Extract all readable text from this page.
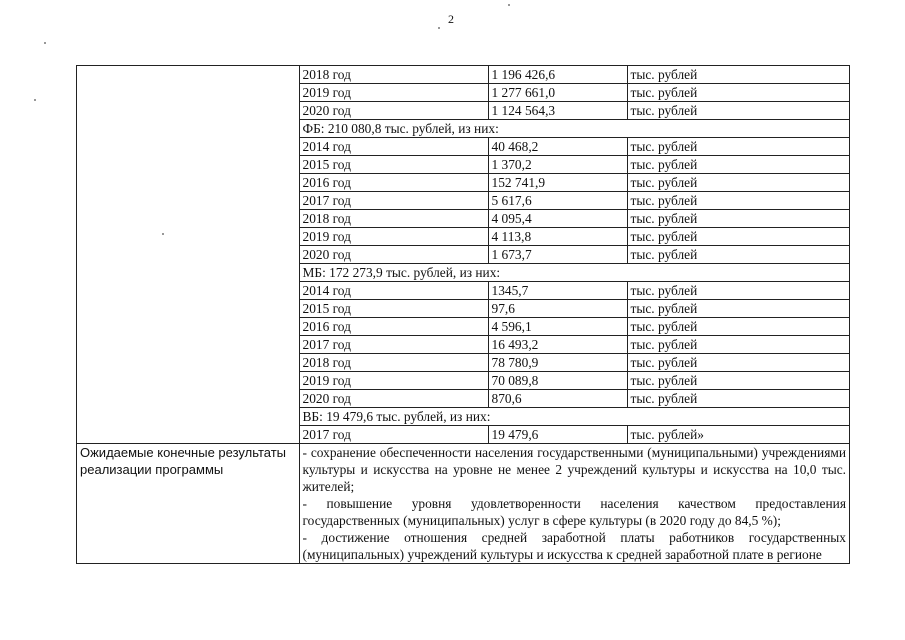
2
	2018 год	1 196 426,6	тыс. рублей
	2019 год	1 277 661,0	тыс. рублей
	2020 год	1 124 564,3	тыс. рублей
	ФБ: 210 080,8 тыс. рублей, из них:		
	2014 год	40 468,2	тыс. рублей
	2015 год	1 370,2	тыс. рублей
	2016 год	152 741,9	тыс. рублей
	2017 год	5 617,6	тыс. рублей
	2018 год	4 095,4	тыс. рублей
	2019 год	4 113,8	тыс. рублей
	2020 год	1 673,7	тыс. рублей
	МБ: 172 273,9 тыс. рублей, из них:		
	2014 год	1345,7	тыс. рублей
	2015 год	97,6	тыс. рублей
	2016 год	4 596,1	тыс. рублей
	2017 год	16 493,2	тыс. рублей
	2018 год	78 780,9	тыс. рублей
	2019 год	70 089,8	тыс. рублей
	2020 год	870,6	тыс. рублей
	ВБ: 19 479,6 тыс. рублей, из них:		
	2017 год	19 479,6	тыс. рублей»
Ожидаемые конечные результаты реализации программы	- сохранение обеспеченности населения государственными (муниципальными) учреждениями культуры и искусства на уровне не менее 2 учреждений культуры и искусства на 10,0 тыс. жителей;
- повышение уровня удовлетворенности населения качеством предоставления государственных (муниципальных) услуг в сфере культуры (в 2020 году до 84,5 %);
- достижение отношения средней заработной платы работников государственных (муниципальных) учреждений культуры и искусства к средней заработной плате в регионе		
